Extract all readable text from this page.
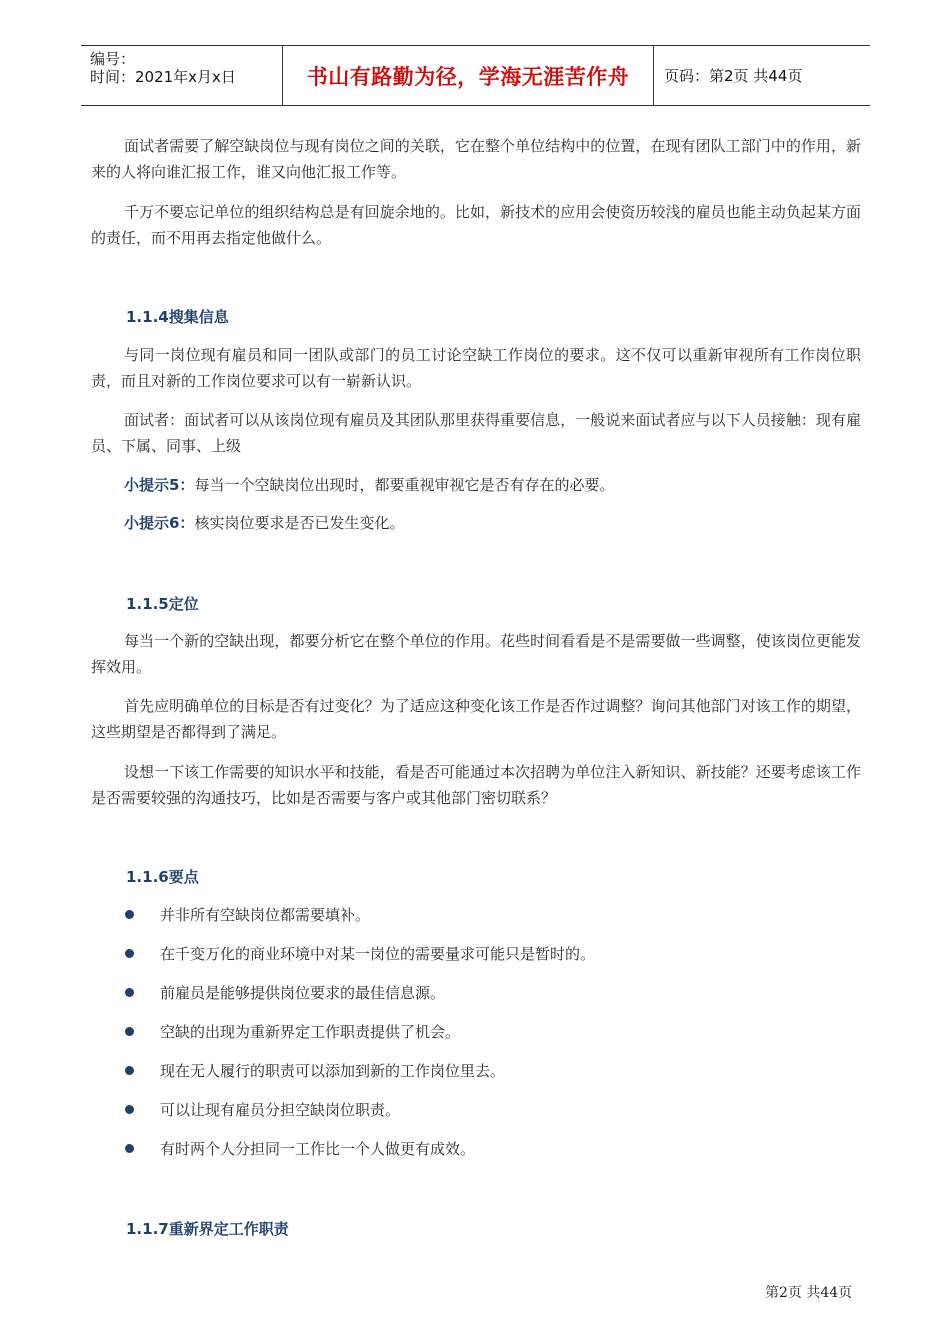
编号：
时间：2021年x月x日	书山有路勤为径，学海无涯苦作舟 页码：第2页 共44页

面试者需要了解空缺岗位与现有岗位之间的关联，它在整个单位结构中的位置，在现有团队工部门中的作用，新来的人将向谁汇报工作，谁又向他汇报工作等。

千万不要忘记单位的组织结构总是有回旋余地的。比如，新技术的应用会使资历较浅的雇员也能主动负起某方面的责任，而不用再去指定他做什么。

1.1.4搜集信息

与同一岗位现有雇员和同一团队或部门的员工讨论空缺工作岗位的要求。这不仅可以重新审视所有工作岗位职责，而且对新的工作岗位要求可以有一崭新认识。

面试者：面试者可以从该岗位现有雇员及其团队那里获得重要信息，一般说来面试者应与以下人员接触：现有雇员、下属、同事、上级

小提示5：每当一个空缺岗位出现时，都要重视审视它是否有存在的必要。

小提示6：核实岗位要求是否已发生变化。

1.1.5定位

每当一个新的空缺出现，都要分析它在整个单位的作用。花些时间看看是不是需要做一些调整，使该岗位更能发挥效用。

首先应明确单位的目标是否有过变化？为了适应这种变化该工作是否作过调整？询问其他部门对该工作的期望，这些期望是否都得到了满足。

设想一下该工作需要的知识水平和技能，看是否可能通过本次招聘为单位注入新知识、新技能？还要考虑该工作是否需要较强的沟通技巧，比如是否需要与客户或其他部门密切联系？

1.1.6要点

并非所有空缺岗位都需要填补。

在千变万化的商业环境中对某一岗位的需要量求可能只是暂时的。

前雇员是能够提供岗位要求的最佳信息源。

空缺的出现为重新界定工作职责提供了机会。

现在无人履行的职责可以添加到新的工作岗位里去。

可以让现有雇员分担空缺岗位职责。

有时两个人分担同一工作比一个人做更有成效。

1.1.7重新界定工作职责

第2页 共44页
